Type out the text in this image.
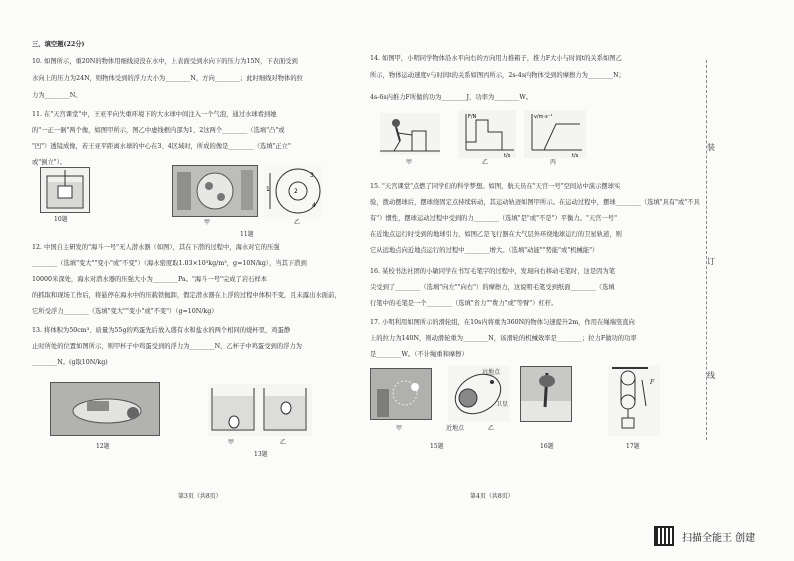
三、填空题(22分)
10. 如图所示，重20N的物体用细线浸没在水中，上表面受到水向下的压力为15N，下表面受到
水向上的压力为24N，则物体受到的浮力大小为________N，方向________；此时细线对物体的拉
力为________N。
11. 在"天宫课堂"中，王亚平向失重环境下的大水球中间注入一个气泡，通过水球看到她
的"一正一倒"两个像，如图甲所示，图乙中虚线框内部为1、2这两个________（选填"凸"或
"凹"）透镜成像，若王亚平距离水球的中心在3、4区域时，所成的像是________（选填"正立"
或"倒立"）。
10题
1	2
3
4
甲	乙
11题
12. 中国自主研发的"海斗一号"无人潜水器（如图），其在下潜的过程中，海水对它的压强
________（选填"变大""变小"或"不变"）（海水密度取1.03×10³kg/m³，g=10N/kg），当其下潜到
10000米深处，海水对潜水器的压强大小为________Pa。"海斗一号"完成了岩石样本
的抓取和现场工作后，将悬停在海水中的压载铁抛卸，假定潜水器在上浮的过程中体积不变，且未露出水面前，
它所受浮力________（选填"变大""变小"或"不变"）（g=10N/kg）
13. 将体积为50cm³、质量为55g的鸡蛋先后放入盛有水和盐水的两个相同的烧杯里，鸡蛋静
止时所处的位置如图所示，则甲杯子中鸡蛋受到的浮力为________N，乙杯子中鸡蛋受到的浮力为
________N。(g取10N/kg)
12题
甲	乙
13题
第3页（共8页）
14. 如图甲，小明同学物体沿水平向右的方向用力推箱子，推力F大小与时间t的关系如图乙
所示，物体运动速度v与时间t的关系如图丙所示，2s-4s内物体受到的摩擦力为________N；
4s-6s内推力F所做的功为________J，功率为________W。
甲
F/N
t/s
乙
v/m·s⁻¹
t/s
丙
15. "天宫课堂"点燃了同学们的科学梦想。如图，航天员在"天宫一号"空间站中演示摆球实
验，拨动摆球后，摆球绕固定点持续转动，其运动轨迹如图甲所示。在运动过程中，摆球________（选填"具有"或"不具
有"）惯性，摆球运动过程中受到的力________（选填"是"或"不是"）平衡力。"天宫一号"
在近地点运行时受到的地球引力，如图乙是飞行器在大气层外环绕地球运行的卫星轨道，则
它从远地点向近地点运行的过程中________增大。（选填"动能""势能"或"机械能"）
16. 某校书法社团的小敏同学在书写毛笔字的过程中，发现向右移动毛笔时，这是因为笔
尖受到了________（选填"向左""向右"）的摩擦力，这说明毛笔受到纸面________（选填
行笔中的毛笔是一个________（选填"省力""费力"或"等臂"）杠杆。
17. 小明利用如图所示的滑轮组，在10s内将重为360N的物体匀速提升2m，作用在绳端竖直向
上的拉力为140N，则动滑轮重为________N，该滑轮的机械效率是________；拉力F做功的功率
是________W。（不计绳重和摩擦）
甲
远地点
卫星
近地点	乙
15题	16题
F
17题
第4页（共8页）
装
订
线
扫描全能王 创建
